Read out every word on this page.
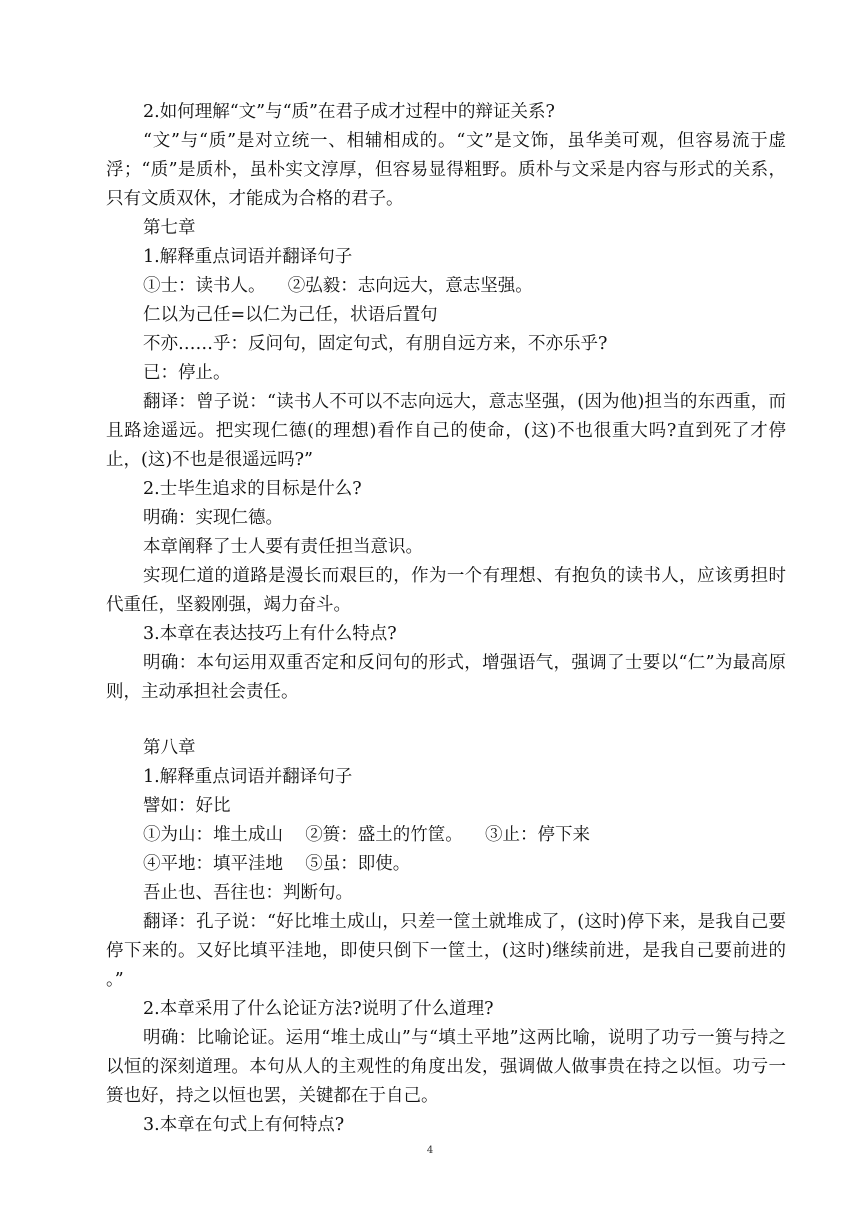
2.如何理解“文”与“质”在君子成才过程中的辩证关系?

“文”与“质”是对立统一、相辅相成的。“文”是文饰，虽华美可观，但容易流于虚浮；“质”是质朴，虽朴实文淳厚，但容易显得粗野。质朴与文采是内容与形式的关系，只有文质双休，才能成为合格的君子。

第七章

1.解释重点词语并翻译句子

①士：读书人。    ②弘毅：志向远大，意志坚强。

仁以为己任=以仁为己任，状语后置句

不亦……乎：反问句，固定句式，有朋自远方来，不亦乐乎?

已：停止。

翻译：曾子说：“读书人不可以不志向远大，意志坚强，(因为他)担当的东西重，而且路途遥远。把实现仁德(的理想)看作自己的使命，(这)不也很重大吗?直到死了才停止，(这)不也是很遥远吗?”

2.士毕生追求的目标是什么?

明确：实现仁德。

本章阐释了士人要有责任担当意识。

实现仁道的道路是漫长而艰巨的，作为一个有理想、有抱负的读书人，应该勇担时代重任，坚毅刚强，竭力奋斗。

3.本章在表达技巧上有什么特点?

明确：本句运用双重否定和反问句的形式，增强语气，强调了士要以“仁”为最高原则，主动承担社会责任。

第八章

1.解释重点词语并翻译句子

譬如：好比

①为山：堆土成山    ②篑：盛土的竹筐。    ③止：停下来

④平地：填平洼地    ⑤虽：即使。

吾止也、吾往也：判断句。

翻译：孔子说：“好比堆土成山，只差一筐土就堆成了，(这时)停下来，是我自己要停下来的。又好比填平洼地，即使只倒下一筐土，(这时)继续前进，是我自己要前进的 。”

2.本章采用了什么论证方法?说明了什么道理?

明确：比喻论证。运用“堆土成山”与“填土平地”这两比喻，说明了功亏一篑与持之以恒的深刻道理。本句从人的主观性的角度出发，强调做人做事贵在持之以恒。功亏一篑也好，持之以恒也罢，关键都在于自己。

3.本章在句式上有何特点?

4
